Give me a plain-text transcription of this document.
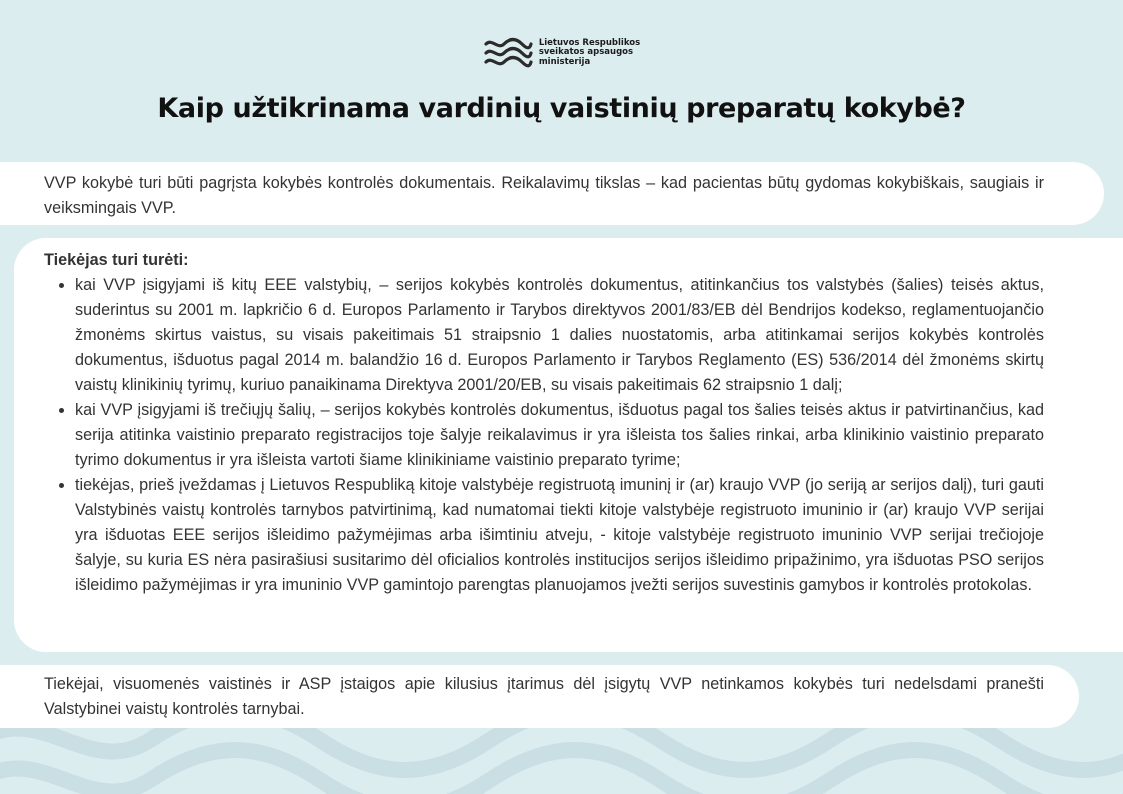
Lietuvos Respublikos
sveikatos apsaugos
ministerija
Kaip užtikrinama vardinių vaistinių preparatų kokybė?

VVP kokybė turi būti pagrįsta kokybės kontrolės dokumentais. Reikalavimų tikslas – kad pacientas būtų gydomas kokybiškais, saugiais ir veiksmingais VVP.

Tiekėjas turi turėti:
• kai VVP įsigyjami iš kitų EEE valstybių, – serijos kokybės kontrolės dokumentus, atitinkančius tos valstybės (šalies) teisės aktus, suderintus su 2001 m. lapkričio 6 d. Europos Parlamento ir Tarybos direktyvos 2001/83/EB dėl Bendrijos kodekso, reglamentuojančio žmonėms skirtus vaistus, su visais pakeitimais 51 straipsnio 1 dalies nuostatomis, arba atitinkamai serijos kokybės kontrolės dokumentus, išduotus pagal 2014 m. balandžio 16 d. Europos Parlamento ir Tarybos Reglamento (ES) 536/2014 dėl žmonėms skirtų vaistų klinikinių tyrimų, kuriuo panaikinama Direktyva 2001/20/EB, su visais pakeitimais 62 straipsnio 1 dalį;
• kai VVP įsigyjami iš trečiųjų šalių, – serijos kokybės kontrolės dokumentus, išduotus pagal tos šalies teisės aktus ir patvirtinančius, kad serija atitinka vaistinio preparato registracijos toje šalyje reikalavimus ir yra išleista tos šalies rinkai, arba klinikinio vaistinio preparato tyrimo dokumentus ir yra išleista vartoti šiame klinikiniame vaistinio preparato tyrime;
• tiekėjas, prieš įveždamas į Lietuvos Respubliką kitoje valstybėje registruotą imuninį ir (ar) kraujo VVP (jo seriją ar serijos dalį), turi gauti Valstybinės vaistų kontrolės tarnybos patvirtinimą, kad numatomai tiekti kitoje valstybėje registruoto imuninio ir (ar) kraujo VVP serijai yra išduotas EEE serijos išleidimo pažymėjimas arba išimtiniu atveju, - kitoje valstybėje registruoto imuninio VVP serijai trečiojoje šalyje, su kuria ES nėra pasirašiusi susitarimo dėl oficialios kontrolės institucijos serijos išleidimo pripažinimo, yra išduotas PSO serijos išleidimo pažymėjimas ir yra imuninio VVP gamintojo parengtas planuojamos įvežti serijos suvestinis gamybos ir kontrolės protokolas.

Tiekėjai, visuomenės vaistinės ir ASP įstaigos apie kilusius įtarimus dėl įsigytų VVP netinkamos kokybės turi nedelsdami pranešti Valstybinei vaistų kontrolės tarnybai.
